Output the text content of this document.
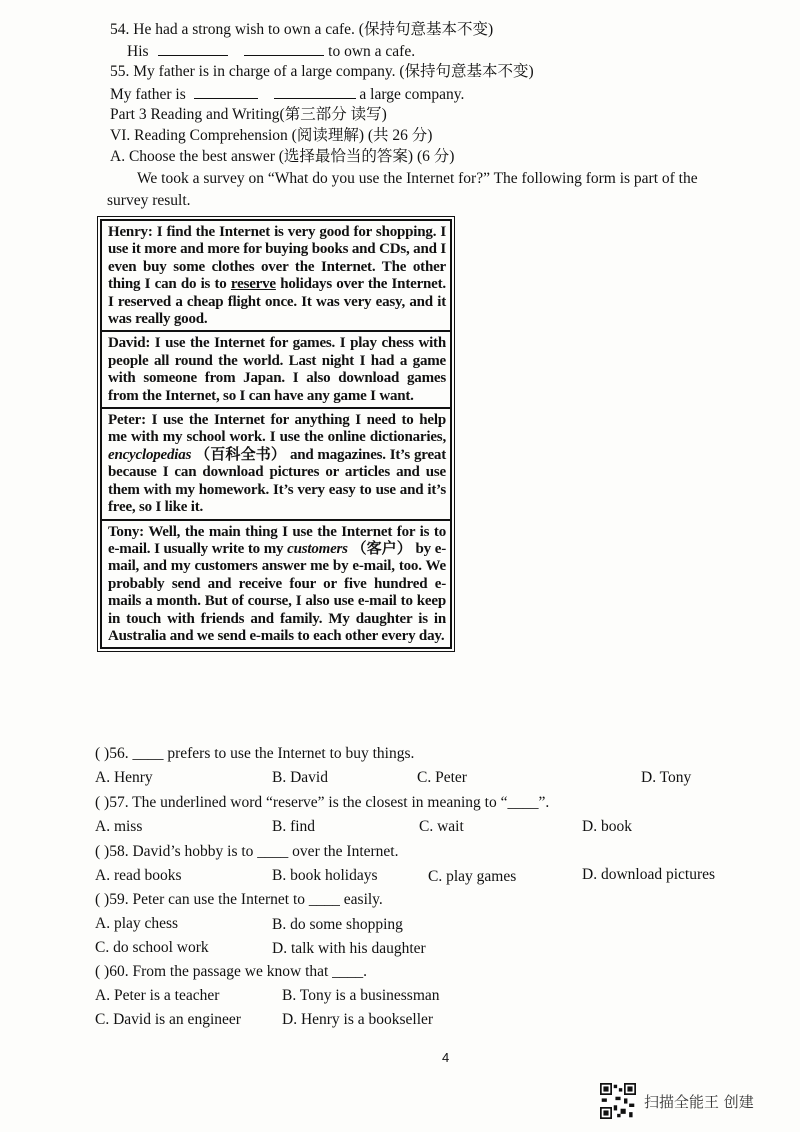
54. He had a strong wish to own a cafe. (保持句意基本不变)
His	to own a cafe.
55. My father is in charge of a large company. (保持句意基本不变)
My father is	a large company.
Part 3 Reading and Writing(第三部分 读写)
VI. Reading Comprehension (阅读理解) (共 26 分)
A. Choose the best answer (选择最恰当的答案) (6 分)
We took a survey on “What do you use the Internet for?” The following form is part of the
survey result.
Henry: I find the Internet is very good for shopping. I use it more and more for buying books and CDs, and I even buy some clothes over the Internet. The other thing I can do is to reserve holidays over the Internet. I reserved a cheap flight once. It was very easy, and it was really good.
David: I use the Internet for games. I play chess with people all round the world. Last night I had a game with someone from Japan. I also download games from the Internet, so I can have any game I want.
Peter: I use the Internet for anything I need to help me with my school work. I use the online dictionaries, encyclopedias （百科全书） and magazines. It’s great because I can download pictures or articles and use them with my homework. It’s very easy to use and it’s free, so I like it.
Tony: Well, the main thing I use the Internet for is to e-mail. I usually write to my customers （客户） by e-mail, and my customers answer me by e-mail, too. We probably send and receive four or five hundred e-mails a month. But of course, I also use e-mail to keep in touch with friends and family. My daughter is in Australia and we send e-mails to each other every day.
( )56. ____ prefers to use the Internet to buy things.
A. Henry	B. David	C. Peter	D. Tony
( )57. The underlined word “reserve” is the closest in meaning to “____”.
A. miss	B. find	C. wait	D. book
( )58. David’s hobby is to ____ over the Internet.
A. read books	B. book holidays	C. play games	D. download pictures
( )59. Peter can use the Internet to ____ easily.
A. play chess	B. do some shopping
C. do school work	D. talk with his daughter
( )60. From the passage we know that ____.
A. Peter is a teacher	B. Tony is a businessman
C. David is an engineer	D. Henry is a bookseller
4
扫描全能王 创建
